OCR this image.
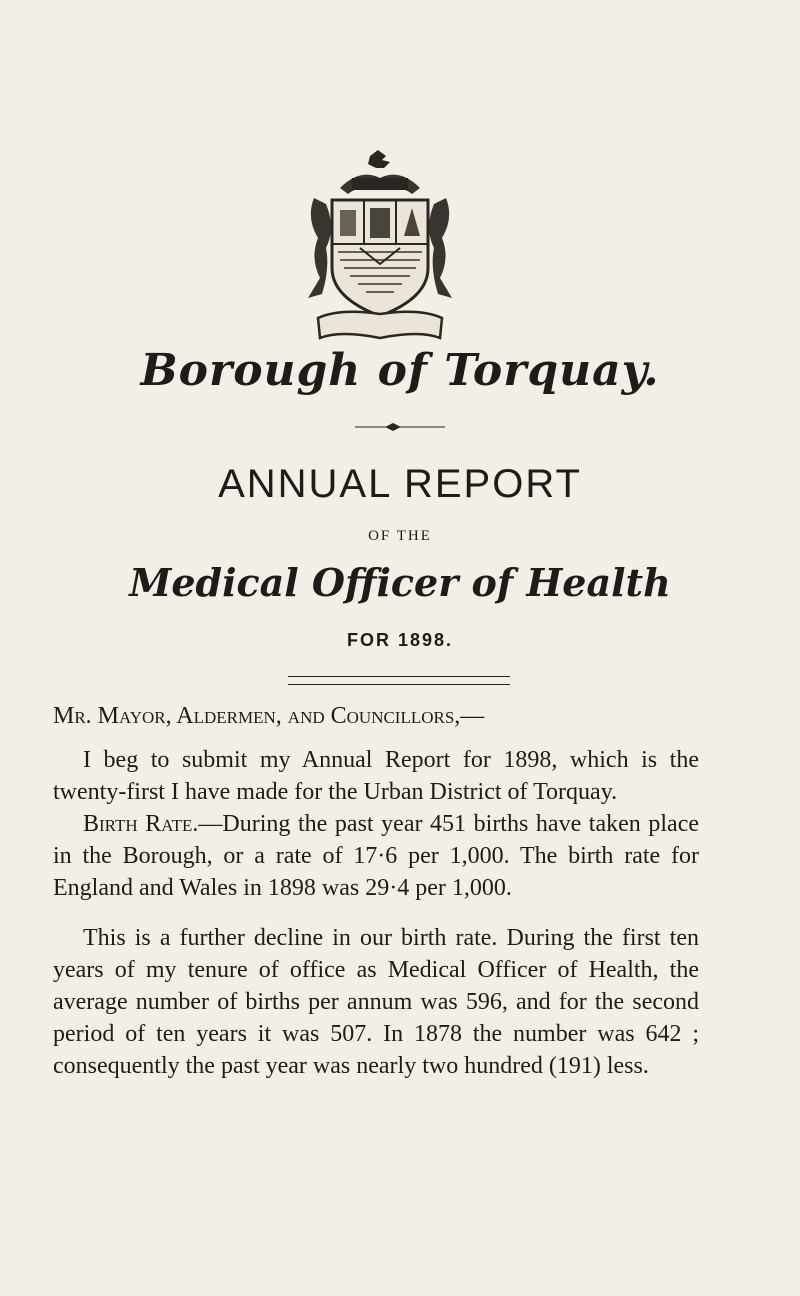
Borough of Torquay.
ANNUAL REPORT
OF THE
Medical Officer of Health
FOR 1898.

Mr. Mayor, Aldermen, and Councillors,—

I beg to submit my Annual Report for 1898, which is the twenty-first I have made for the Urban District of Torquay.

Birth Rate.—During the past year 451 births have taken place in the Borough, or a rate of 17·6 per 1,000. The birth rate for England and Wales in 1898 was 29·4 per 1,000.

This is a further decline in our birth rate. During the first ten years of my tenure of office as Medical Officer of Health, the average number of births per annum was 596, and for the second period of ten years it was 507. In 1878 the number was 642 ; consequently the past year was nearly two hundred (191) less.
